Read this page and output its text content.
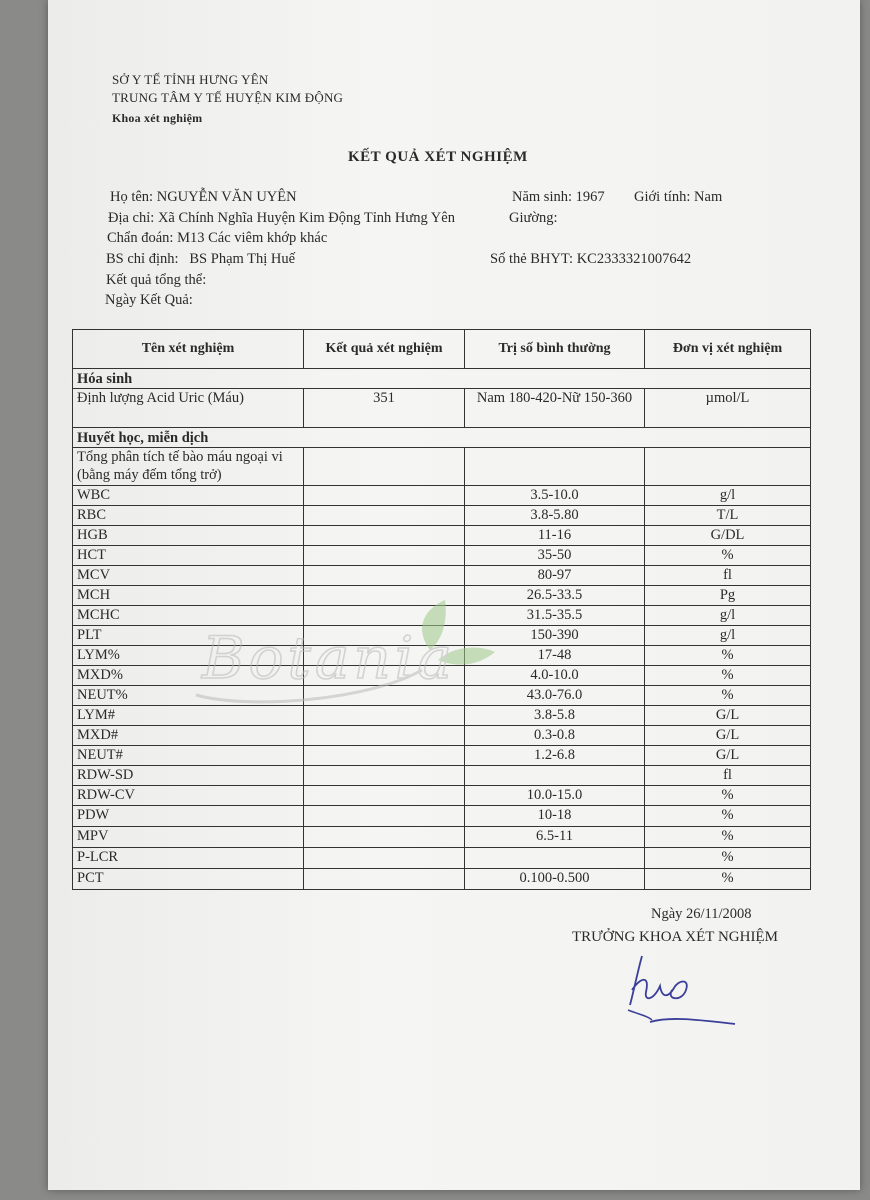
SỞ Y TẾ TỈNH HƯNG YÊN
TRUNG TÂM Y TẾ HUYỆN KIM ĐỘNG
Khoa xét nghiệm
KẾT QUẢ XÉT NGHIỆM
Họ tên: NGUYỄN VĂN UYÊN	Năm sinh: 1967 Giới tính: Nam
Địa chỉ: Xã Chính Nghĩa Huyện Kim Động Tỉnh Hưng Yên	Giường:
Chẩn đoán: M13 Các viêm khớp khác
BS chỉ định: BS Phạm Thị Huế	Số thẻ BHYT: KC2333321007642
Kết quả tổng thể:
Ngày Kết Quả:
Tên xét nghiệm	Kết quả xét nghiệm	Trị số bình thường	Đơn vị xét nghiệm
Hóa sinh			
Định lượng Acid Uric (Máu)	351	Nam 180-420-Nữ 150-360	µmol/L
Huyết học, miễn dịch			
Tổng phân tích tế bào máu ngoại vi (bằng máy đếm tổng trở)			
WBC		3.5-10.0	g/l
RBC		3.8-5.80	T/L
HGB		11-16	G/DL
HCT		35-50	%
MCV		80-97	fl
MCH		26.5-33.5	Pg
MCHC		31.5-35.5	g/l
PLT		150-390	g/l
LYM%		17-48	%
MXD%		4.0-10.0	%
NEUT%		43.0-76.0	%
LYM#		3.8-5.8	G/L
MXD#		0.3-0.8	G/L
NEUT#		1.2-6.8	G/L
RDW-SD			fl
RDW-CV		10.0-15.0	%
PDW		10-18	%
MPV		6.5-11	%
P-LCR			%
PCT		0.100-0.500	%
Botania
Ngày 26/11/2008
TRƯỞNG KHOA XÉT NGHIỆM
